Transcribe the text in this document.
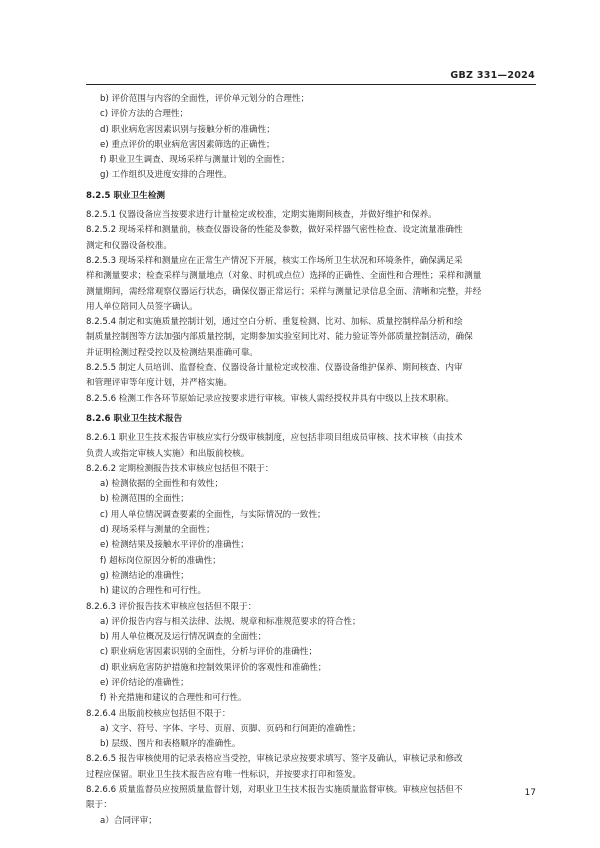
GBZ 331—2024
b) 评价范围与内容的全面性，评价单元划分的合理性；
c) 评价方法的合理性；
d) 职业病危害因素识别与接触分析的准确性；
e) 重点评价的职业病危害因素筛选的正确性；
f) 职业卫生调查、现场采样与测量计划的全面性；
g) 工作组织及进度安排的合理性。
8.2.5 职业卫生检测
8.2.5.1 仪器设备应当按要求进行计量检定或校准，定期实施期间核查，并做好维护和保养。
8.2.5.2 现场采样和测量前，核查仪器设备的性能及参数，做好采样器气密性检查、设定流量准确性
测定和仪器设备校准。
8.2.5.3 现场采样和测量应在正常生产情况下开展，核实工作场所卫生状况和环境条件，确保满足采
样和测量要求；检查采样与测量地点（对象、时机或点位）选择的正确性、全面性和合理性；采样和测量
测量期间，需经常观察仪器运行状态，确保仪器正常运行；采样与测量记录信息全面、清晰和完整，并经
用人单位陪同人员签字确认。
8.2.5.4 制定和实施质量控制计划，通过空白分析、重复检测、比对、加标、质量控制样品分析和绘
制质量控制图等方法加强内部质量控制，定期参加实验室间比对、能力验证等外部质量控制活动，确保
并证明检测过程受控以及检测结果准确可靠。
8.2.5.5 制定人员培训、监督检查、仪器设备计量检定或校准、仪器设备维护保养、期间核查、内审
和管理评审等年度计划，并严格实施。
8.2.5.6 检测工作各环节原始记录应按要求进行审核。审核人需经授权并具有中级以上技术职称。
8.2.6 职业卫生技术报告
8.2.6.1 职业卫生技术报告审核应实行分级审核制度，应包括非项目组成员审核、技术审核（由技术
负责人或指定审核人实施）和出版前校核。
8.2.6.2 定期检测报告技术审核应包括但不限于：
a) 检测依据的全面性和有效性；
b) 检测范围的全面性；
c) 用人单位情况调查要素的全面性，与实际情况的一致性；
d) 现场采样与测量的全面性；
e) 检测结果及接触水平评价的准确性；
f) 超标岗位原因分析的准确性；
g) 检测结论的准确性；
h) 建议的合理性和可行性。
8.2.6.3 评价报告技术审核应包括但不限于：
a) 评价报告内容与相关法律、法规、规章和标准规范要求的符合性；
b) 用人单位概况及运行情况调查的全面性；
c) 职业病危害因素识别的全面性，分析与评价的准确性；
d) 职业病危害防护措施和控制效果评价的客观性和准确性；
e) 评价结论的准确性；
f) 补充措施和建议的合理性和可行性。
8.2.6.4 出版前校核应包括但不限于：
a) 文字、符号、字体、字号、页眉、页脚、页码和行间距的准确性；
b) 层级、图片和表格顺序的准确性。
8.2.6.5 报告审核使用的记录表格应当受控，审核记录应按要求填写、签字及确认，审核记录和修改
过程应保留。职业卫生技术报告应有唯一性标识，并按要求打印和签发。
8.2.6.6 质量监督员应按照质量监督计划，对职业卫生技术报告实施质量监督审核。审核应包括但不
限于：
a）合同评审；
17
